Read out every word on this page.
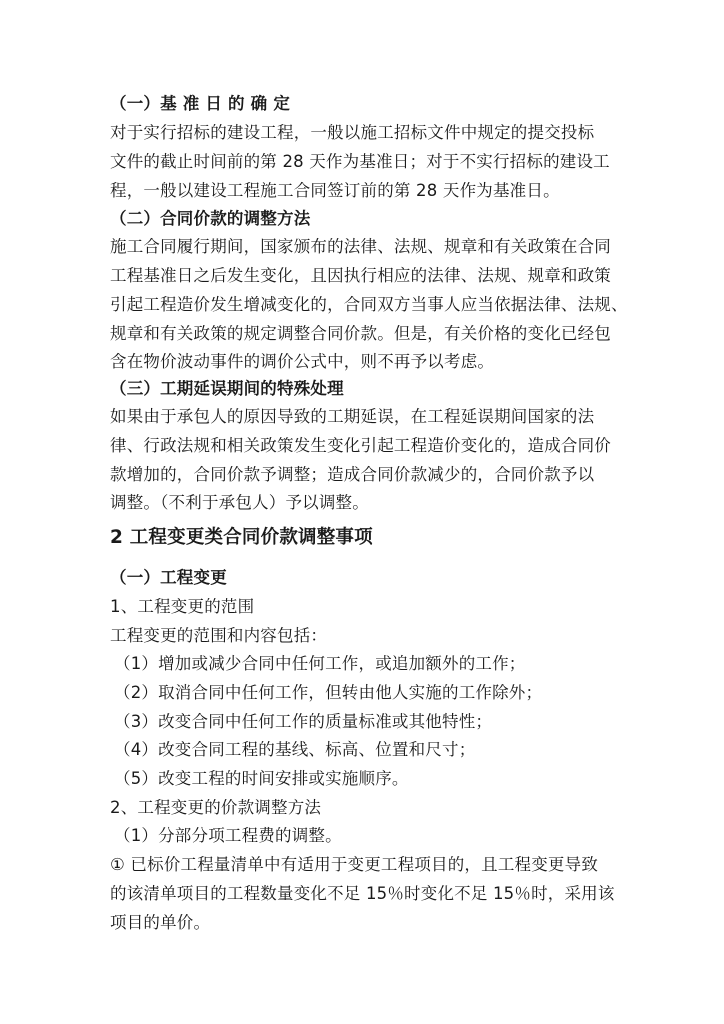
（一）基 准 日 的 确 定
对于实行招标的建设工程，一般以施工招标文件中规定的提交投标
文件的截止时间前的第 28 天作为基准日；对于不实行招标的建设工
程，一般以建设工程施工合同签订前的第 28 天作为基准日。
（二）合同价款的调整方法
施工合同履行期间，国家颁布的法律、法规、规章和有关政策在合同
工程基准日之后发生变化，且因执行相应的法律、法规、规章和政策
引起工程造价发生增减变化的，合同双方当事人应当依据法律、法规、
规章和有关政策的规定调整合同价款。但是，有关价格的变化已经包
含在物价波动事件的调价公式中，则不再予以考虑。
（三）工期延误期间的特殊处理
如果由于承包人的原因导致的工期延误，在工程延误期间国家的法
律、行政法规和相关政策发生变化引起工程造价变化的，造成合同价
款增加的，合同价款予调整；造成合同价款减少的，合同价款予以
调整。（不利于承包人）予以调整。
2 工程变更类合同价款调整事项
（一）工程变更
1、工程变更的范围
工程变更的范围和内容包括：
（1）增加或减少合同中任何工作，或追加额外的工作；
（2）取消合同中任何工作，但转由他人实施的工作除外；
（3）改变合同中任何工作的质量标准或其他特性；
（4）改变合同工程的基线、标高、位置和尺寸；
（5）改变工程的时间安排或实施顺序。
2、工程变更的价款调整方法
（1）分部分项工程费的调整。
① 已标价工程量清单中有适用于变更工程项目的，且工程变更导致
的该清单项目的工程数量变化不足 15％时变化不足 15％时，采用该
项目的单价。
